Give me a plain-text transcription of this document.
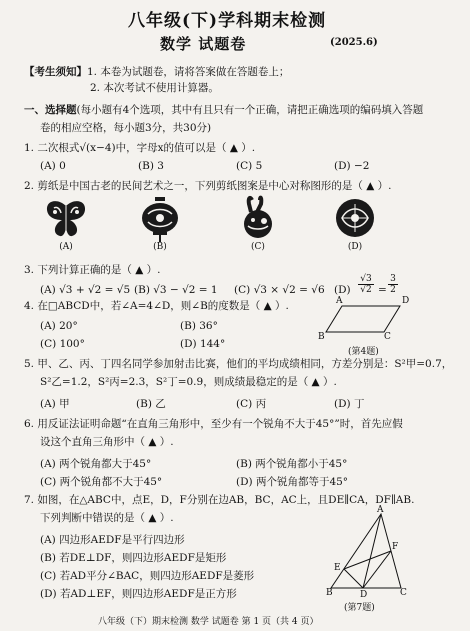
八年级(下)学科期末检测
数学 试题卷	(2025.6)
【考生须知】1. 本卷为试题卷，请将答案做在答题卷上；
2. 本次考试不使用计算器。
一、选择题(每小题有4个选项，其中有且只有一个正确，请把正确选项的编码填入答题
卷的相应空格，每小题3分，共30分)
1. 二次根式√(x−4)中，字母x的值可以是（ ▲ ）.
(A) 0	(B) 3	(C) 5	(D) −2
2. 剪纸是中国古老的民间艺术之一，下列剪纸图案是中心对称图形的是（ ▲ ）.
(A)	(B)	(C)	(D)
3. 下列计算正确的是（ ▲ ）.
(A) √3 + √2 = √5 (B) √3 − √2 = 1 (C) √3 × √2 = √6 $(D) \frac{√3}{√2} = \frac{3}{2}$
4. 在□ABCD中，若∠A=4∠D，则∠B的度数是（ ▲ ）.
(A) 20°	(B) 36°
(C) 100°	(D) 144°
A	D
B	C
(第4题)
5. 甲、乙、丙、丁四名同学参加射击比赛，他们的平均成绩相同，方差分别是：S²甲=0.7，
S²乙=1.2，S²丙=2.3，S²丁=0.9，则成绩最稳定的是（ ▲ ）.
(A) 甲	(B) 乙	(C) 丙	(D) 丁
6. 用反证法证明命题“在直角三角形中，至少有一个锐角不大于45°”时，首先应假
设这个直角三角形中（ ▲ ）.
(A) 两个锐角都大于45°	(B) 两个锐角都小于45°
(C) 两个锐角都不大于45°	(D) 两个锐角都等于45°
7. 如图，在△ABC中，点E，D，F分别在边AB，BC，AC上，且DE∥CA，DF∥AB.
下列判断中错误的是（ ▲ ）.
(A) 四边形AEDF是平行四边形
(B) 若DE⊥DF，则四边形AEDF是矩形
(C) 若AD平分∠BAC，则四边形AEDF是菱形
(D) 若AD⊥EF，则四边形AEDF是正方形
A
F
E
B	D	C
(第7题)
八年级（下）期末检测 数学 试题卷 第 1 页（共 4 页）
